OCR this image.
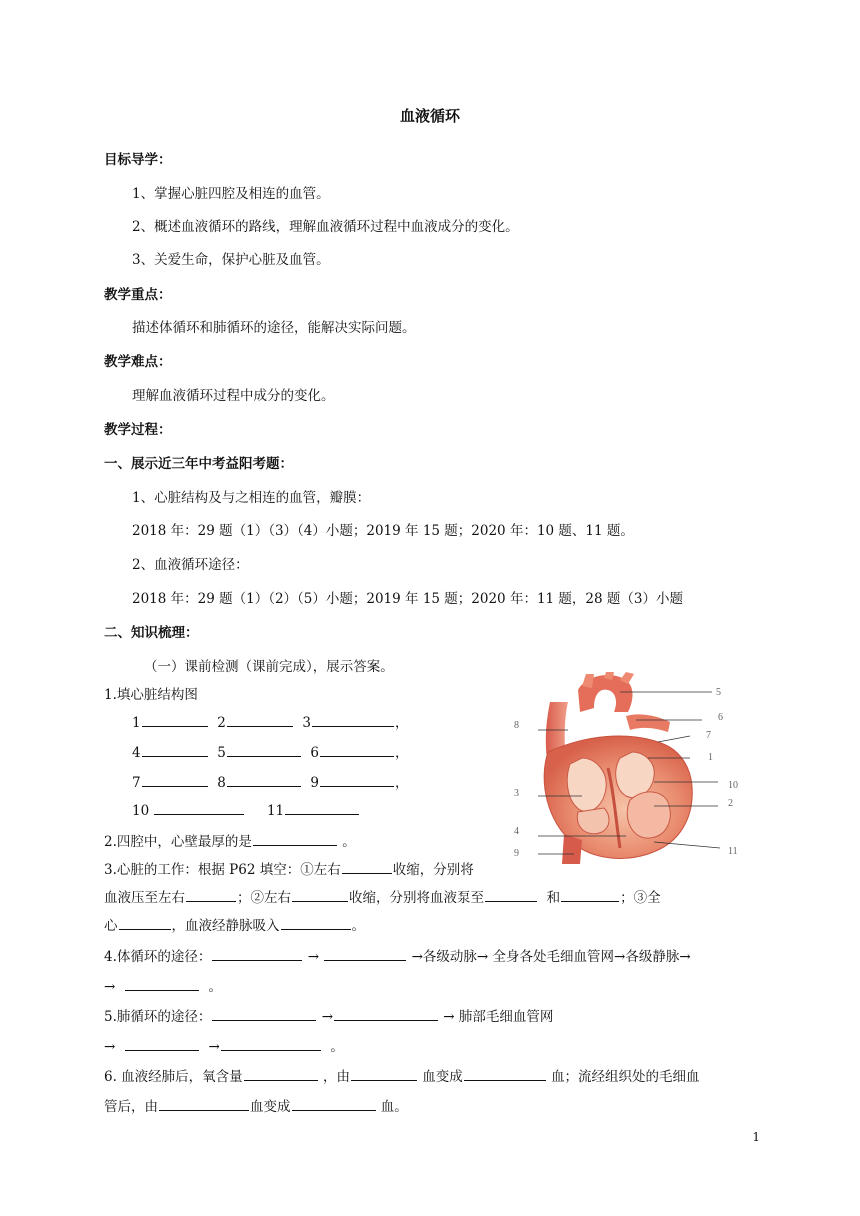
血液循环
目标导学：
1、掌握心脏四腔及相连的血管。
2、概述血液循环的路线，理解血液循环过程中血液成分的变化。
3、关爱生命，保护心脏及血管。
教学重点：
描述体循环和肺循环的途径，能解决实际问题。
教学难点：
理解血液循环过程中成分的变化。
教学过程：
一、展示近三年中考益阳考题：
1、心脏结构及与之相连的血管，瓣膜：
2018 年：29 题（1）（3）（4）小题；2019 年 15 题；2020 年：10 题、11 题。
2、血液循环途径：
2018 年：29 题（1）（2）（5）小题；2019 年 15 题；2020 年：11 题，28 题（3）小题
二、知识梳理：
（一）课前检测（课前完成），展示答案。
1.填心脏结构图
1	2	3	，
4	5	6	，
7	8	9	，
10	11
2.四腔中，心壁最厚的是	。
3.心脏的工作：根据 P62 填空：①左右	收缩，分别将
血液压至左右	；②左右	收缩，分别将血液泵至	和	；③全
心	，血液经静脉吸入	。
4.体循环的途径：	→	→各级动脉→ 全身各处毛细血管网→各级静脉→
→	。
5.肺循环的途径：	→	→ 肺部毛细血管网
→	→	。
6. 血液经肺后，氧含量	，由	血变成	血；流经组织处的毛细血
管后，由	血变成	血。
5
6
7
1
10
2
11
8
3
4
9
1
